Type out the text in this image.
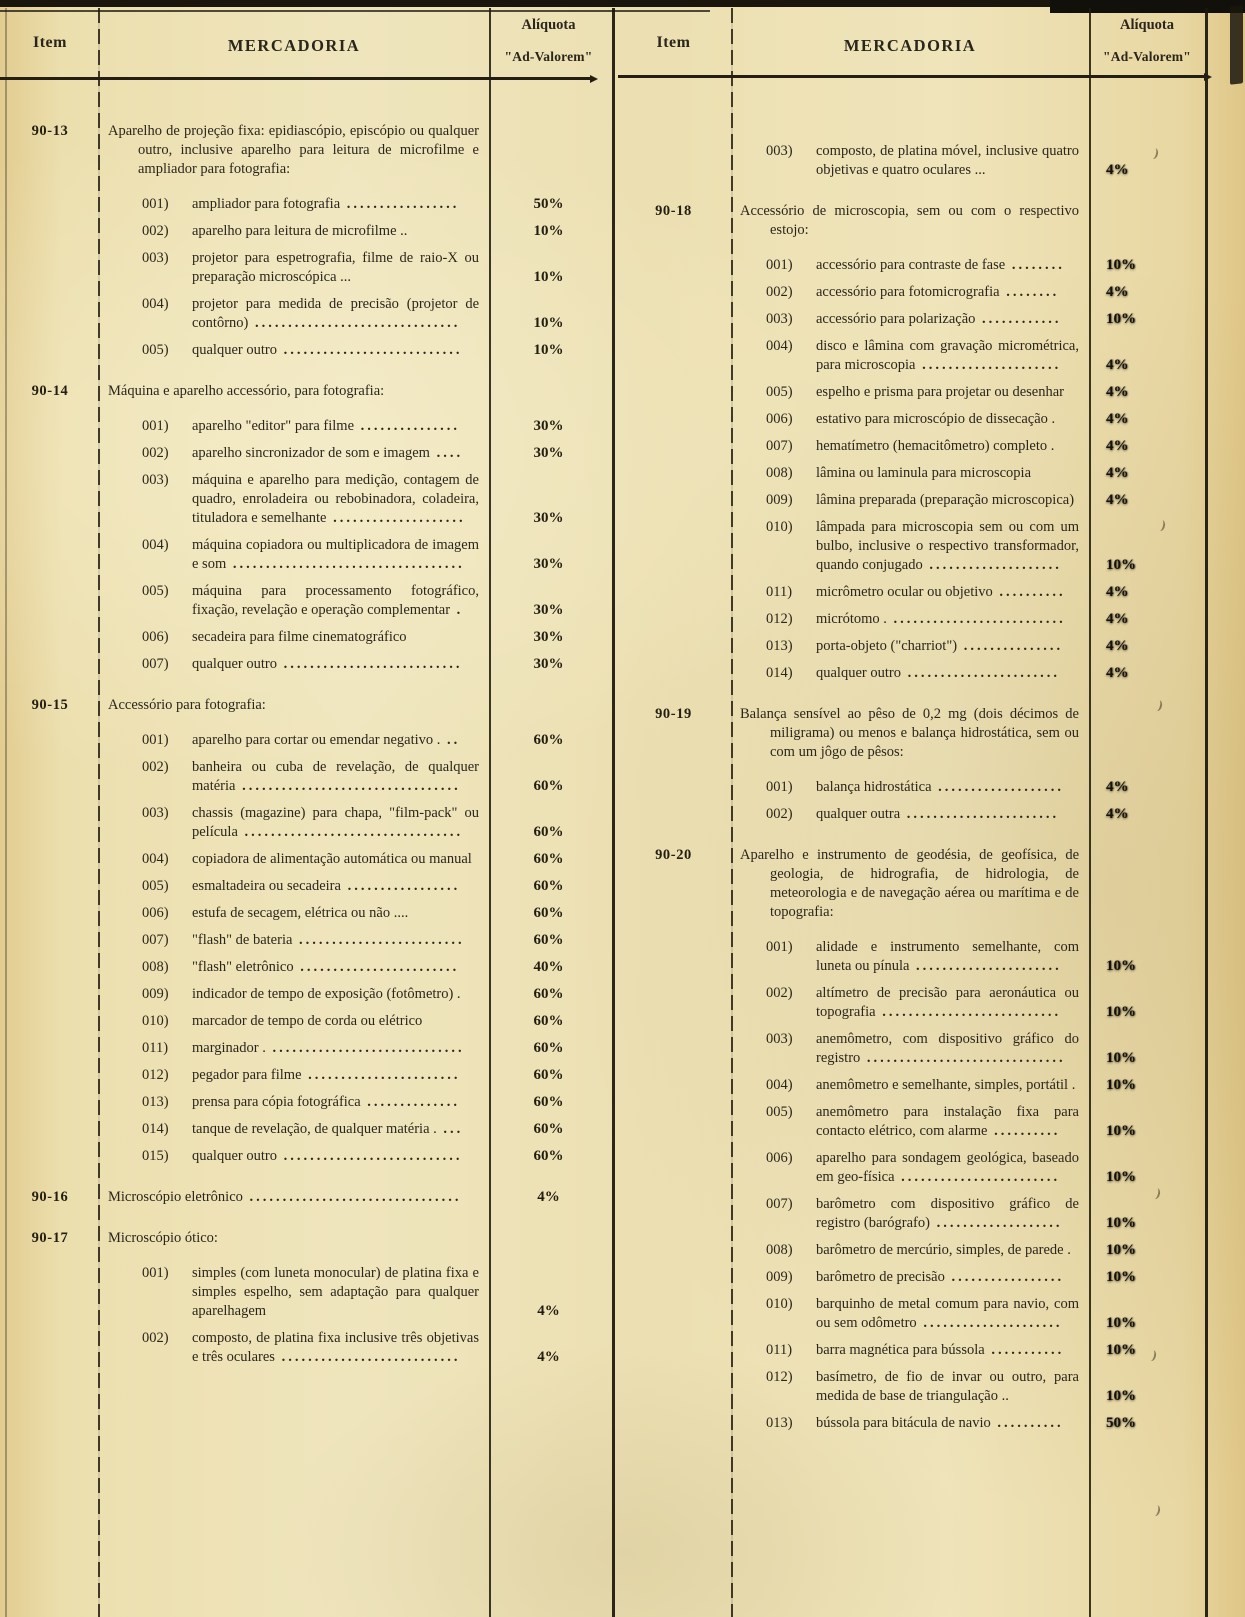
Item	MERCADORIA
Alíquota
"Ad-Valorem"
90-13	Aparelho de projeção fixa: epidiascópio, episcópio ou qualquer outro, inclusive aparelho para leitura de microfilme e ampliador para fotografia:

001)	ampliador para fotografia .................	50%
002)	aparelho para leitura de microfilme ..	10%
003)	projetor para espetrografia, filme de raio-X ou preparação microscópica ...	10%
004)	projetor para medida de precisão (projetor de contôrno) ...............................	10%
005)	qualquer outro ...........................	10%
90-14	Máquina e aparelho accessório, para fotografia:

001)	aparelho "editor" para filme ...............	30%
002)	aparelho sincronizador de som e imagem ....	30%
003)	máquina e aparelho para medição, contagem de quadro, enroladeira ou rebobinadora, coladeira, tituladora e semelhante ....................	30%
004)	máquina copiadora ou multiplicadora de imagem e som ...................................	30%
005)	máquina para processamento fotográfico, fixação, revelação e operação complementar .	30%
006)	secadeira para filme cinematográfico	30%
007)	qualquer outro ...........................	30%
90-15	Accessório para fotografia:

001)	aparelho para cortar ou emendar negativo . ..	60%
002)	banheira ou cuba de revelação, de qualquer matéria .................................	60%
003)	chassis (magazine) para chapa, "film-pack" ou película .................................	60%
004)	copiadora de alimentação automática ou manual	60%
005)	esmaltadeira ou secadeira .................	60%
006)	estufa de secagem, elétrica ou não ....	60%
007)	"flash" de bateria .........................	60%
008)	"flash" eletrônico ........................	40%
009)	indicador de tempo de exposição (fotômetro) .	60%
010)	marcador de tempo de corda ou elétrico	60%
011)	marginador . .............................	60%
012)	pegador para filme .......................	60%
013)	prensa para cópia fotográfica ..............	60%
014)	tanque de revelação, de qualquer matéria . ...	60%
015)	qualquer outro ...........................	60%
90-16	Microscópio eletrônico ................................	4%
90-17	Microscópio ótico:

001)	simples (com luneta monocular) de platina fixa e simples espelho, sem adaptação para qualquer aparelhagem	4%
002)	composto, de platina fixa inclusive três objetivas e três oculares ...........................	4%
Item	MERCADORIA
Alíquota
"Ad-Valorem"
003)	composto, de platina móvel, inclusive quatro objetivas e quatro oculares ...	4%
90-18	Accessório de microscopia, sem ou com o respectivo estojo:

001)	accessório para contraste de fase ........	10%
002)	accessório para fotomicrografia ........	4%
003)	accessório para polarização ............	10%
004)	disco e lâmina com gravação micrométrica, para microscopia .....................	4%
005)	espelho e prisma para projetar ou desenhar	4%
006)	estativo para microscópio de dissecação .	4%
007)	hematímetro (hemacitômetro) completo .	4%
008)	lâmina ou laminula para microscopia	4%
009)	lâmina preparada (preparação microscopica)	4%
010)	lâmpada para microscopia sem ou com um bulbo, inclusive o respectivo transformador, quando conjugado ....................	10%
011)	micrômetro ocular ou objetivo ..........	4%
012)	micrótomo . ..........................	4%
013)	porta-objeto ("charriot") ...............	4%
014)	qualquer outro .......................	4%
90-19	Balança sensível ao pêso de 0,2 mg (dois décimos de miligrama) ou menos e balança hidrostática, sem ou com um jôgo de pêsos:

001)	balança hidrostática ...................	4%
002)	qualquer outra .......................	4%
90-20	Aparelho e instrumento de geodésia, de geofísica, de geologia, de hidrografia, de hidrologia, de meteorologia e de navegação aérea ou marítima e de topografia:

001)	alidade e instrumento semelhante, com luneta ou pínula ......................	10%
002)	altímetro de precisão para aeronáutica ou topografia ...........................	10%
003)	anemômetro, com dispositivo gráfico do registro ..............................	10%
004)	anemômetro e semelhante, simples, portátil . 10%
005)	anemômetro para instalação fixa para contacto elétrico, com alarme ..........	10%
006)	aparelho para sondagem geológica, baseado em geo-física ........................	10%
007)	barômetro com dispositivo gráfico de registro (barógrafo) ...................	10%
008)	barômetro de mercúrio, simples, de parede .	10%
009)	barômetro de precisão .................	10%
010)	barquinho de metal comum para navio, com ou sem odômetro .....................	10%
011)	barra magnética para bússola ...........	10%
012)	basímetro, de fio de invar ou outro, para medida de base de triangulação ..	10%
013)	bússola para bitácula de navio ..........	50%
